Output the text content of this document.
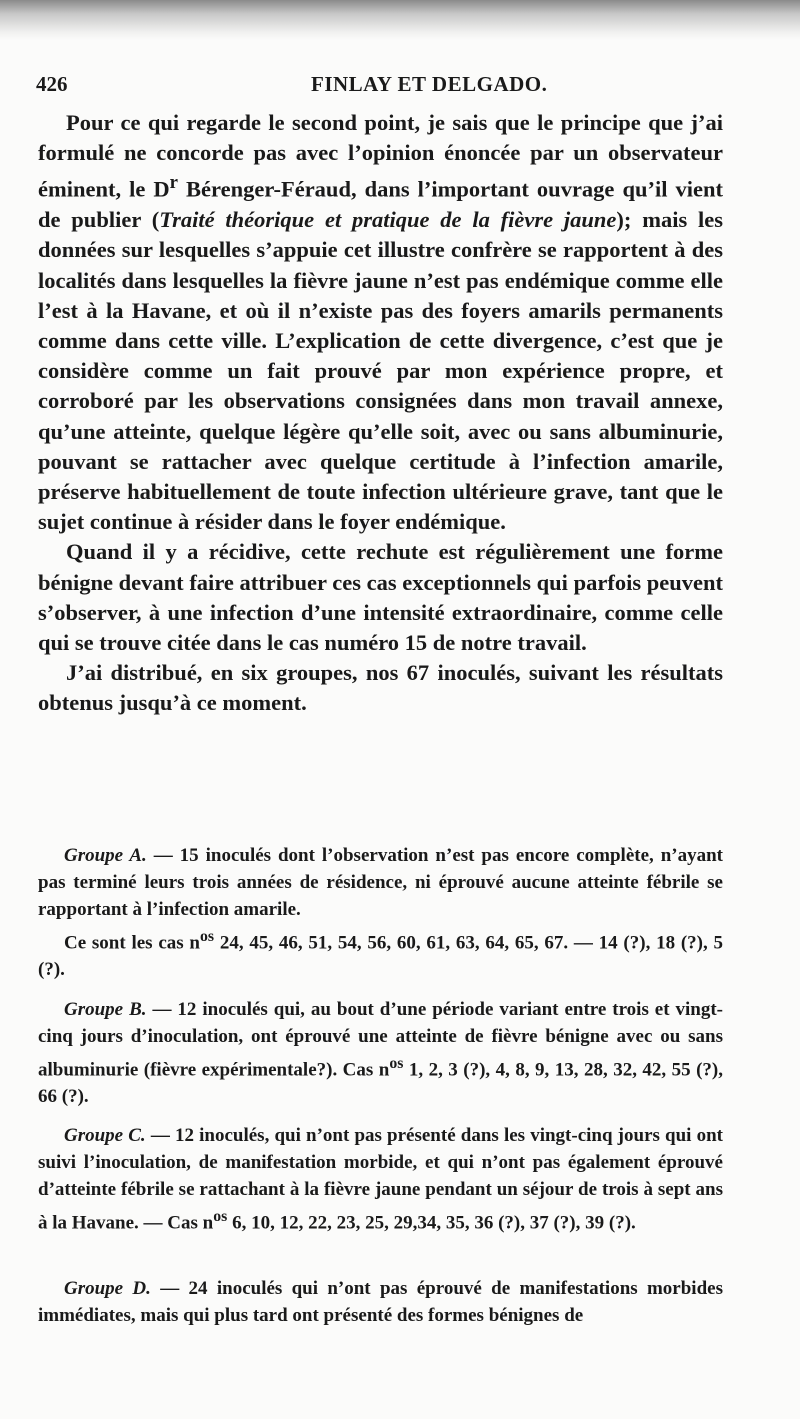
426	FINLAY ET DELGADO.

Pour ce qui regarde le second point, je sais que le principe que j’ai formulé ne concorde pas avec l’opinion énoncée par un observateur éminent, le $D^r$ Bérenger-Féraud, dans l’important ouvrage qu’il vient de publier (Traité théorique et pratique de la fièvre jaune); mais les données sur lesquelles s’appuie cet illustre confrère se rapportent à des localités dans lesquelles la fièvre jaune n’est pas endémique comme elle l’est à la Havane, et où il n’existe pas des foyers amarils permanents comme dans cette ville. L’explication de cette divergence, c’est que je considère comme un fait prouvé par mon expérience propre, et corroboré par les observations consignées dans mon travail annexe, qu’une atteinte, quelque légère qu’elle soit, avec ou sans albuminurie, pouvant se rattacher avec quelque certitude à l’infection amarile, préserve habituellement de toute infection ultérieure grave, tant que le sujet continue à résider dans le foyer endémique.

Quand il y a récidive, cette rechute est régulièrement une forme bénigne devant faire attribuer ces cas exceptionnels qui parfois peuvent s’observer, à une infection d’une intensité extraordinaire, comme celle qui se trouve citée dans le cas numéro 15 de notre travail.

J’ai distribué, en six groupes, nos 67 inoculés, suivant les résultats obtenus jusqu’à ce moment.

Groupe A. — 15 inoculés dont l’observation n’est pas encore complète, n’ayant pas terminé leurs trois années de résidence, ni éprouvé aucune atteinte fébrile se rapportant à l’infection amarile.

Ce sont les cas $n^{os}$ 24, 45, 46, 51, 54, 56, 60, 61, 63, 64, 65, 67. — 14 (?), 18 (?), 5 (?).

Groupe B. — 12 inoculés qui, au bout d’une période variant entre trois et vingt-cinq jours d’inoculation, ont éprouvé une atteinte de fièvre bénigne avec ou sans albuminurie (fièvre expérimentale?). Cas $n^{os}$ 1, 2, 3 (?), 4, 8, 9, 13, 28, 32, 42, 55 (?), 66 (?).

Groupe C. — 12 inoculés, qui n’ont pas présenté dans les vingt-cinq jours qui ont suivi l’inoculation, de manifestation morbide, et qui n’ont pas également éprouvé d’atteinte fébrile se rattachant à la fièvre jaune pendant un séjour de trois à sept ans à la Havane. — Cas $n^{os}$ 6, 10, 12, 22, 23, 25, 29,34, 35, 36 (?), 37 (?), 39 (?).

Groupe D. — 24 inoculés qui n’ont pas éprouvé de manifestations morbides immédiates, mais qui plus tard ont présenté des formes bénignes de
